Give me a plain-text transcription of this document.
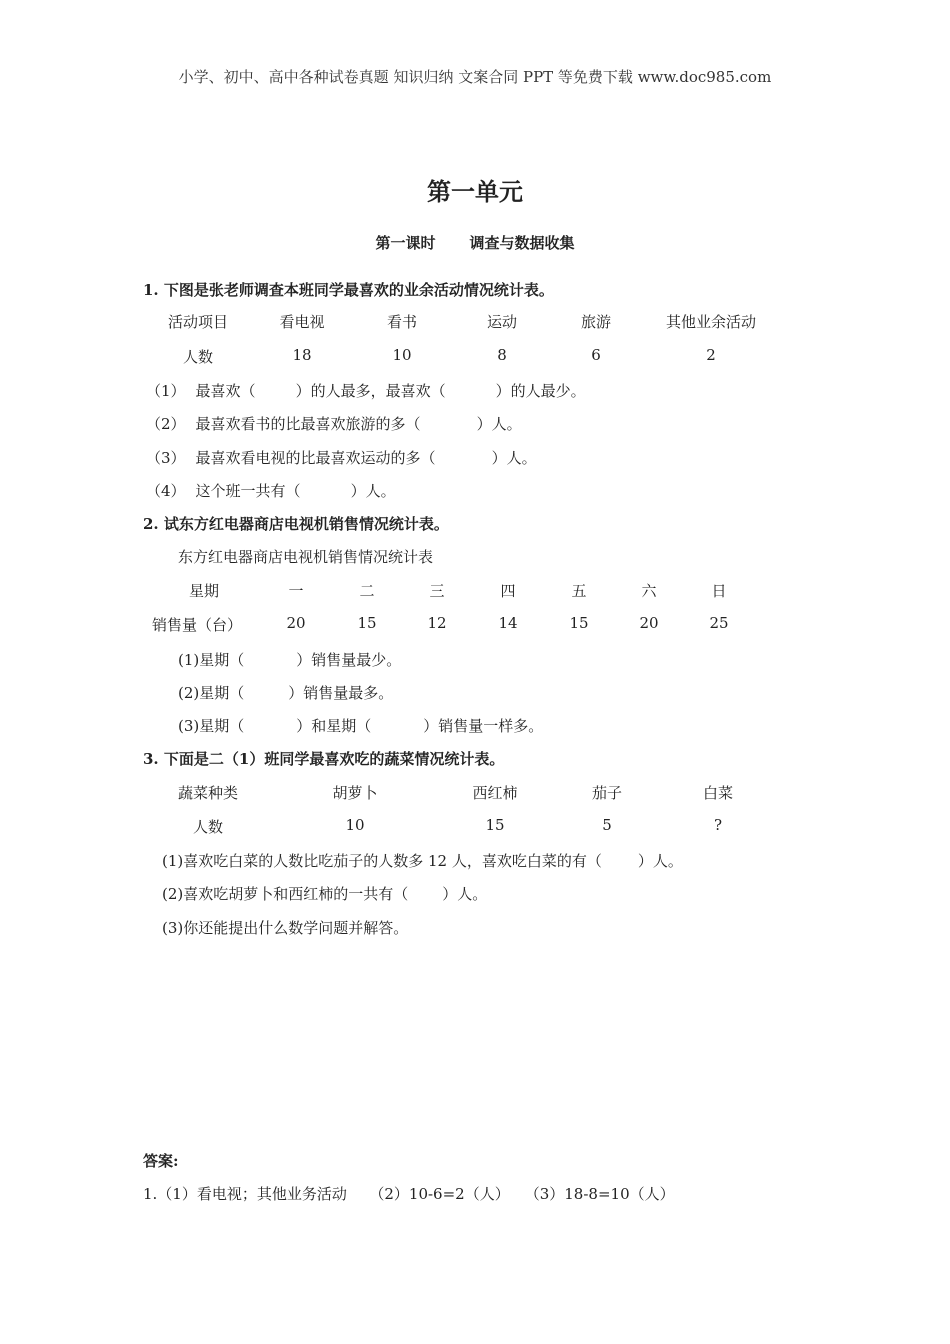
小学、初中、高中各种试卷真题 知识归纳 文案合同 PPT 等免费下载 www.doc985.com
第一单元
第一课时 调查与数据收集
1. 下图是张老师调查本班同学最喜欢的业余活动情况统计表。
活动项目	看电视	看书	运动	旅游	其他业余活动
人数	18	10	8	6	2
（1） 最喜欢（	）的人最多，最喜欢（	）的人最少。
（2） 最喜欢看书的比最喜欢旅游的多（	）人。
（3） 最喜欢看电视的比最喜欢运动的多（	）人。
（4） 这个班一共有（	）人。
2. 试东方红电器商店电视机销售情况统计表。
东方红电器商店电视机销售情况统计表
星期	一	二	三	四	五	六	日
销售量（台）	20	15	12	14	15	20	25
(1)星期（	）销售量最少。
(2)星期（	）销售量最多。
(3)星期（	）和星期（	）销售量一样多。
3. 下面是二（1）班同学最喜欢吃的蔬菜情况统计表。
蔬菜种类	胡萝卜	西红柿	茄子	白菜
人数	10	15	5	?
(1)喜欢吃白菜的人数比吃茄子的人数多 12 人，喜欢吃白菜的有（ ）人。
(2)喜欢吃胡萝卜和西红柿的一共有（ ）人。
(3)你还能提出什么数学问题并解答。
答案:
1.（1）看电视；其他业务活动　　（2）10-6=2（人）　　（3）18-8=10（人）
